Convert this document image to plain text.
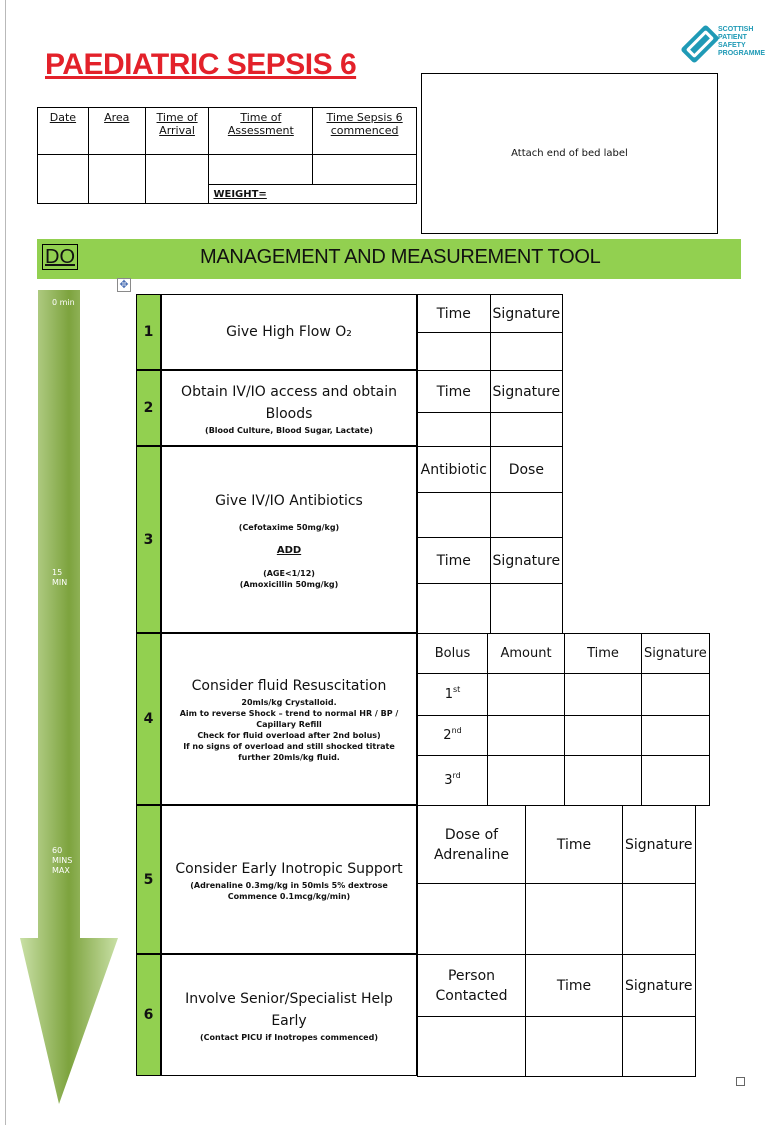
PAEDIATRIC SEPSIS 6
SCOTTISH
PATIENT
SAFETY
PROGRAMME
Date	Area	Time of Arrival	Time of Assessment	Time Sepsis 6 commenced

			WEIGHT=	
Attach end of bed label
DO	MANAGEMENT AND MEASUREMENT TOOL
✥
0 min
15
MIN
60
MINS
MAX
1	Give High Flow O₂
Time	Signature

2
Obtain IV/IO access and obtain Bloods
(Blood Culture, Blood Sugar, Lactate)
Time	Signature

3
Give IV/IO Antibiotics
(Cefotaxime 50mg/kg)
ADD
(AGE<1/12)
(Amoxicillin 50mg/kg)
Antibiotic	Dose

Time	Signature

4
Consider fluid Resuscitation
20mls/kg Crystalloid.
Aim to reverse Shock – trend to normal HR / BP / Capillary Refill
Check for fluid overload after 2nd bolus)
If no signs of overload and still shocked titrate further 20mls/kg fluid.
Bolus	Amount	Time	Signature
1st			
2nd			
3rd			
5
Consider Early Inotropic Support
(Adrenaline 0.3mg/kg in 50mls 5% dextrose
Commence 0.1mcg/kg/min)
Dose of Adrenaline	Time	Signature

6
Involve Senior/Specialist Help Early
(Contact PICU if Inotropes commenced)
Person Contacted	Time	Signature
